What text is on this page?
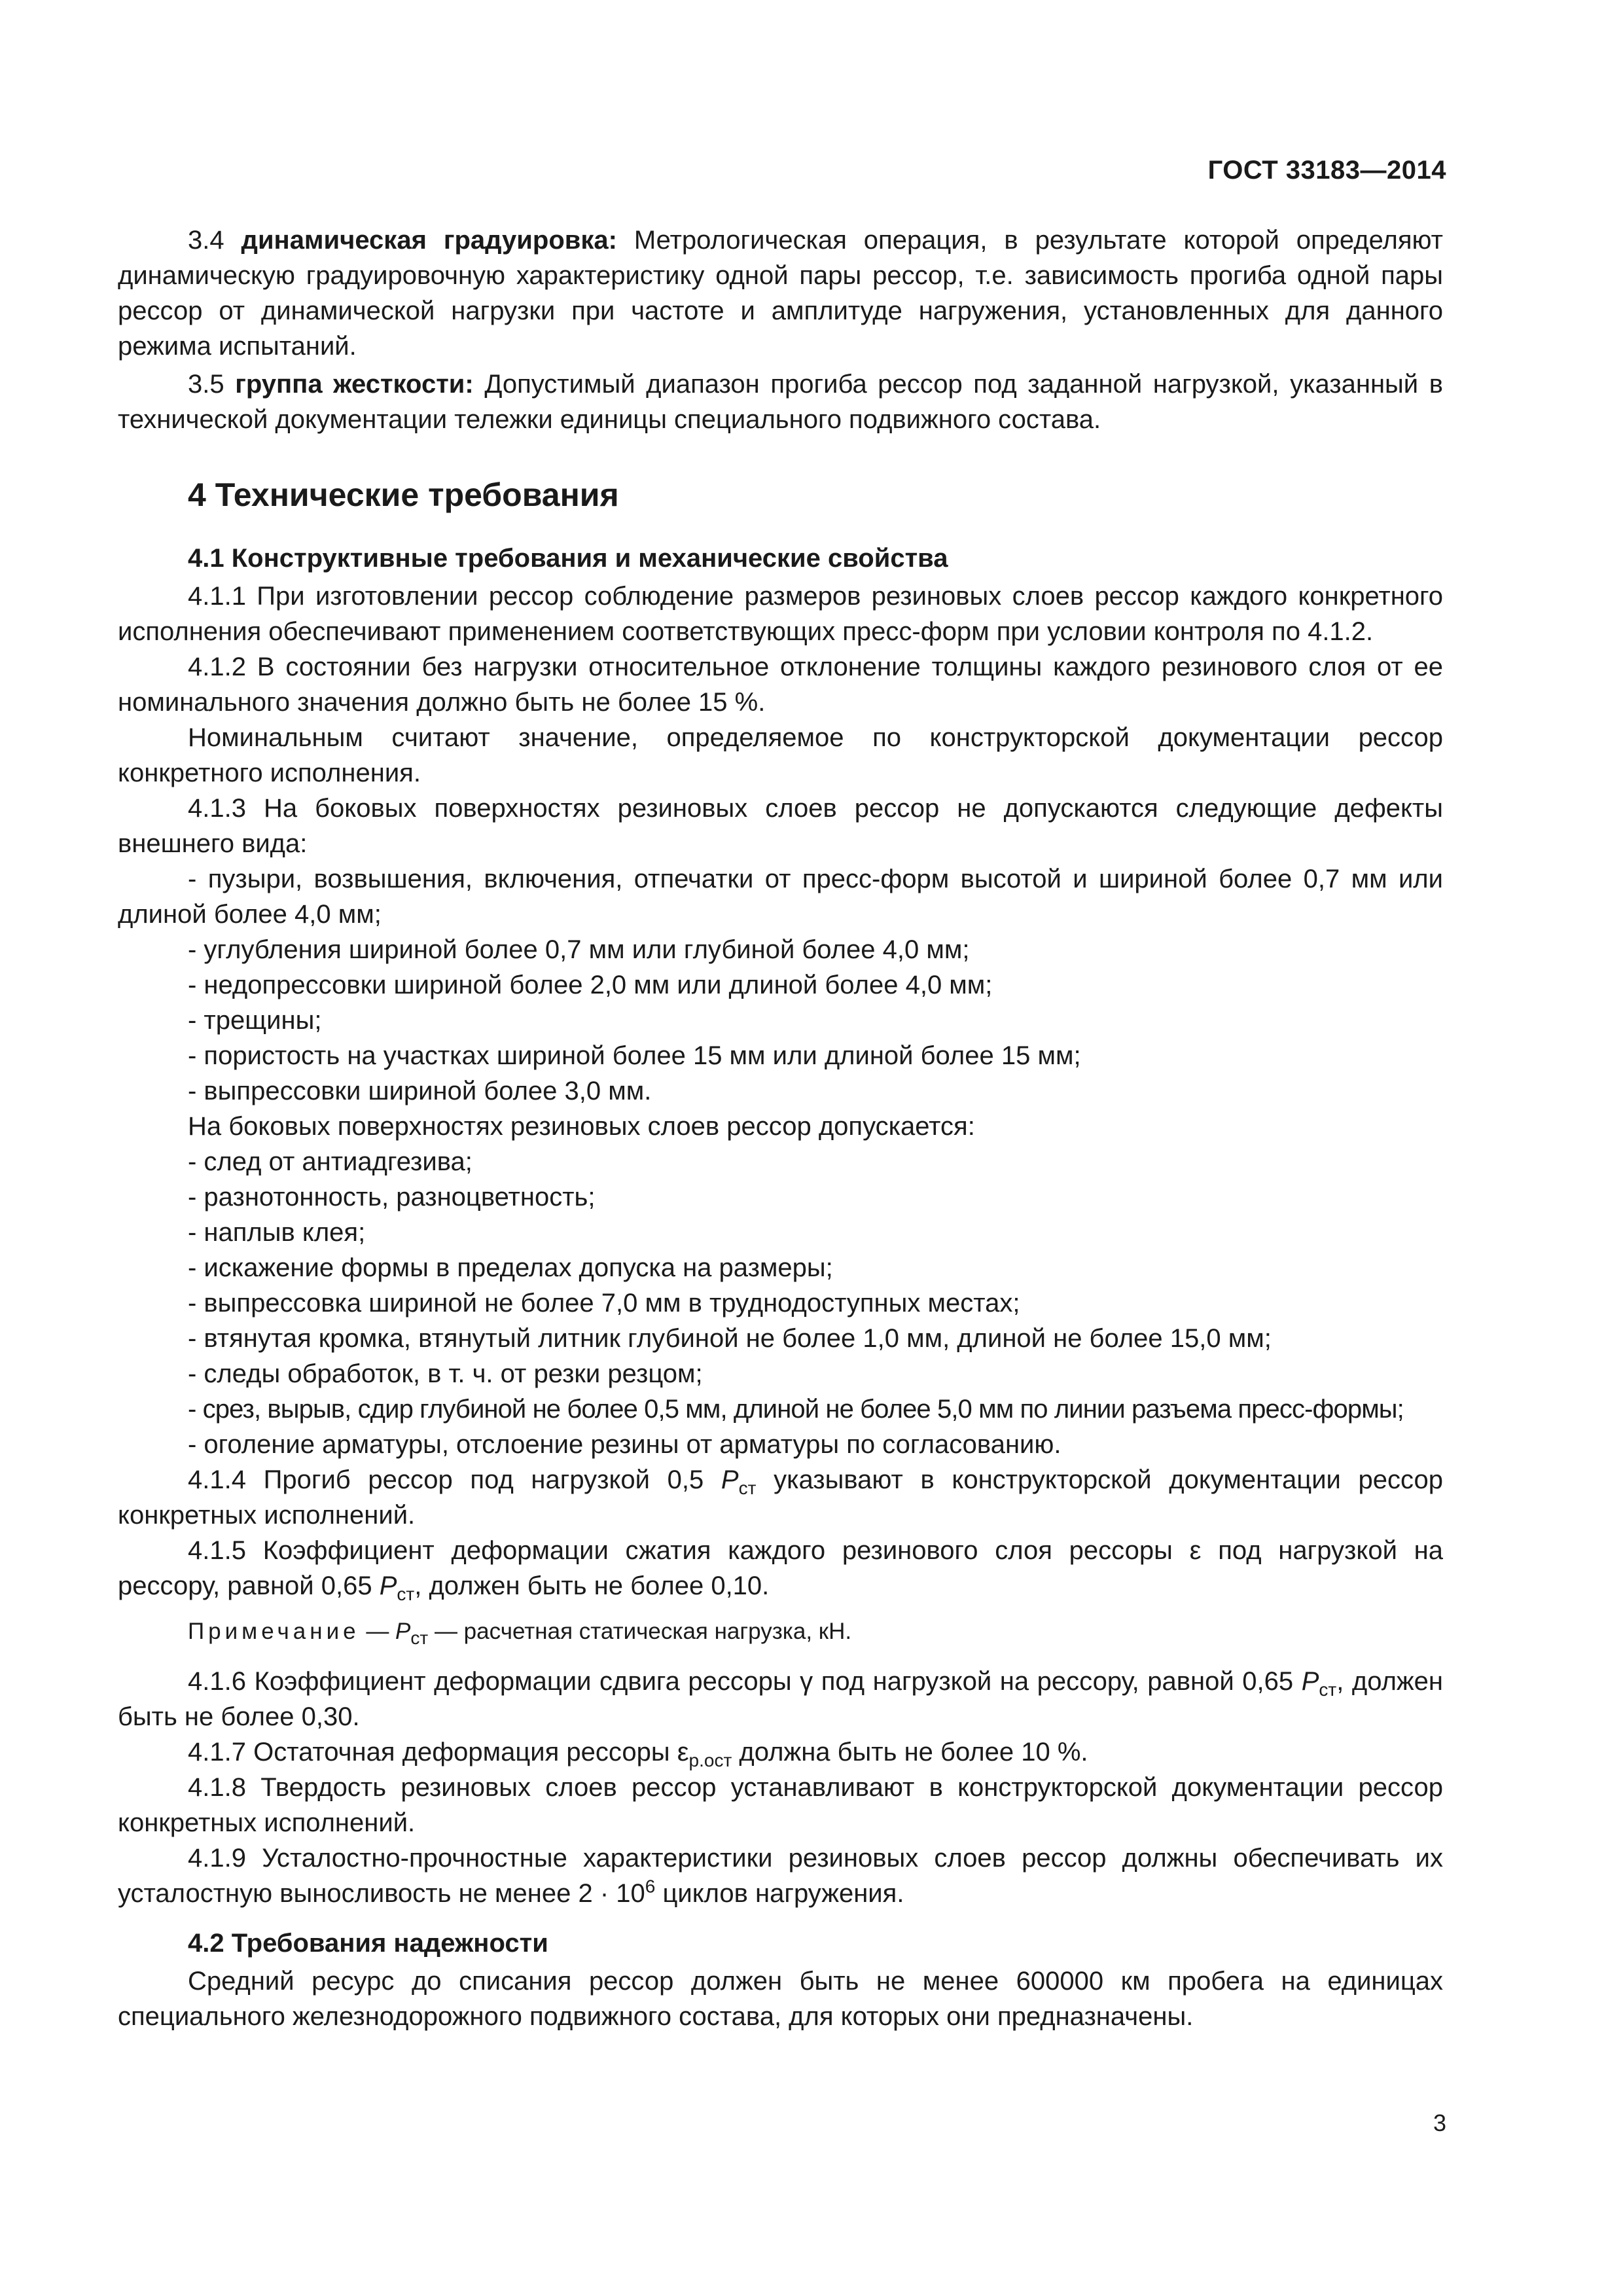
ГОСТ 33183—2014

3.4 динамическая градуировка: Метрологическая операция, в результате которой определяют динамическую градуировочную характеристику одной пары рессор, т.е. зависимость прогиба одной пары рессор от динамической нагрузки при частоте и амплитуде нагружения, установленных для данного режима испытаний.

3.5 группа жесткости: Допустимый диапазон прогиба рессор под заданной нагрузкой, указанный в технической документации тележки единицы специального подвижного состава.

4 Технические требования
4.1 Конструктивные требования и механические свойства

4.1.1 При изготовлении рессор соблюдение размеров резиновых слоев рессор каждого конкретного исполнения обеспечивают применением соответствующих пресс-форм при условии контроля по 4.1.2.

4.1.2 В состоянии без нагрузки относительное отклонение толщины каждого резинового слоя от ее номинального значения должно быть не более 15 %.

Номинальным считают значение, определяемое по конструкторской документации рессор конкретного исполнения.

4.1.3 На боковых поверхностях резиновых слоев рессор не допускаются следующие дефекты внешнего вида:

- пузыри, возвышения, включения, отпечатки от пресс-форм высотой и шириной более 0,7 мм или длиной более 4,0 мм;

- углубления шириной более 0,7 мм или глубиной более 4,0 мм;

- недопрессовки шириной более 2,0 мм или длиной более 4,0 мм;

- трещины;

- пористость на участках шириной более 15 мм или длиной более 15 мм;

- выпрессовки шириной более 3,0 мм.

На боковых поверхностях резиновых слоев рессор допускается:

- след от антиадгезива;

- разнотонность, разноцветность;

- наплыв клея;

- искажение формы в пределах допуска на размеры;

- выпрессовка шириной не более 7,0 мм в труднодоступных местах;

- втянутая кромка, втянутый литник глубиной не более 1,0 мм, длиной не более 15,0 мм;

- следы обработок, в т. ч. от резки резцом;

- срез, вырыв, сдир глубиной не более 0,5 мм, длиной не более 5,0 мм по линии разъема пресс-формы;

- оголение арматуры, отслоение резины от арматуры по согласованию.

4.1.4 Прогиб рессор под нагрузкой 0,5 $P_{ст}$ указывают в конструкторской документации рессор конкретных исполнений.

4.1.5 Коэффициент деформации сжатия каждого резинового слоя рессоры ε под нагрузкой на рессору, равной 0,65 $P_{ст}$, должен быть не более 0,10.

Примечание — $P_{ст}$ — расчетная статическая нагрузка, кН.

4.1.6 Коэффициент деформации сдвига рессоры γ под нагрузкой на рессору, равной 0,65 $P_{ст}$, должен быть не более 0,30.

4.1.7 Остаточная деформация рессоры $\varepsilon_{р.ост}$ должна быть не более 10 %.

4.1.8 Твердость резиновых слоев рессор устанавливают в конструкторской документации рессор конкретных исполнений.

4.1.9 Усталостно-прочностные характеристики резиновых слоев рессор должны обеспечивать их усталостную выносливость не менее $2 \cdot 10^6$ циклов нагружения.

4.2 Требования надежности

Средний ресурс до списания рессор должен быть не менее 600000 км пробега на единицах специального железнодорожного подвижного состава, для которых они предназначены.

3
